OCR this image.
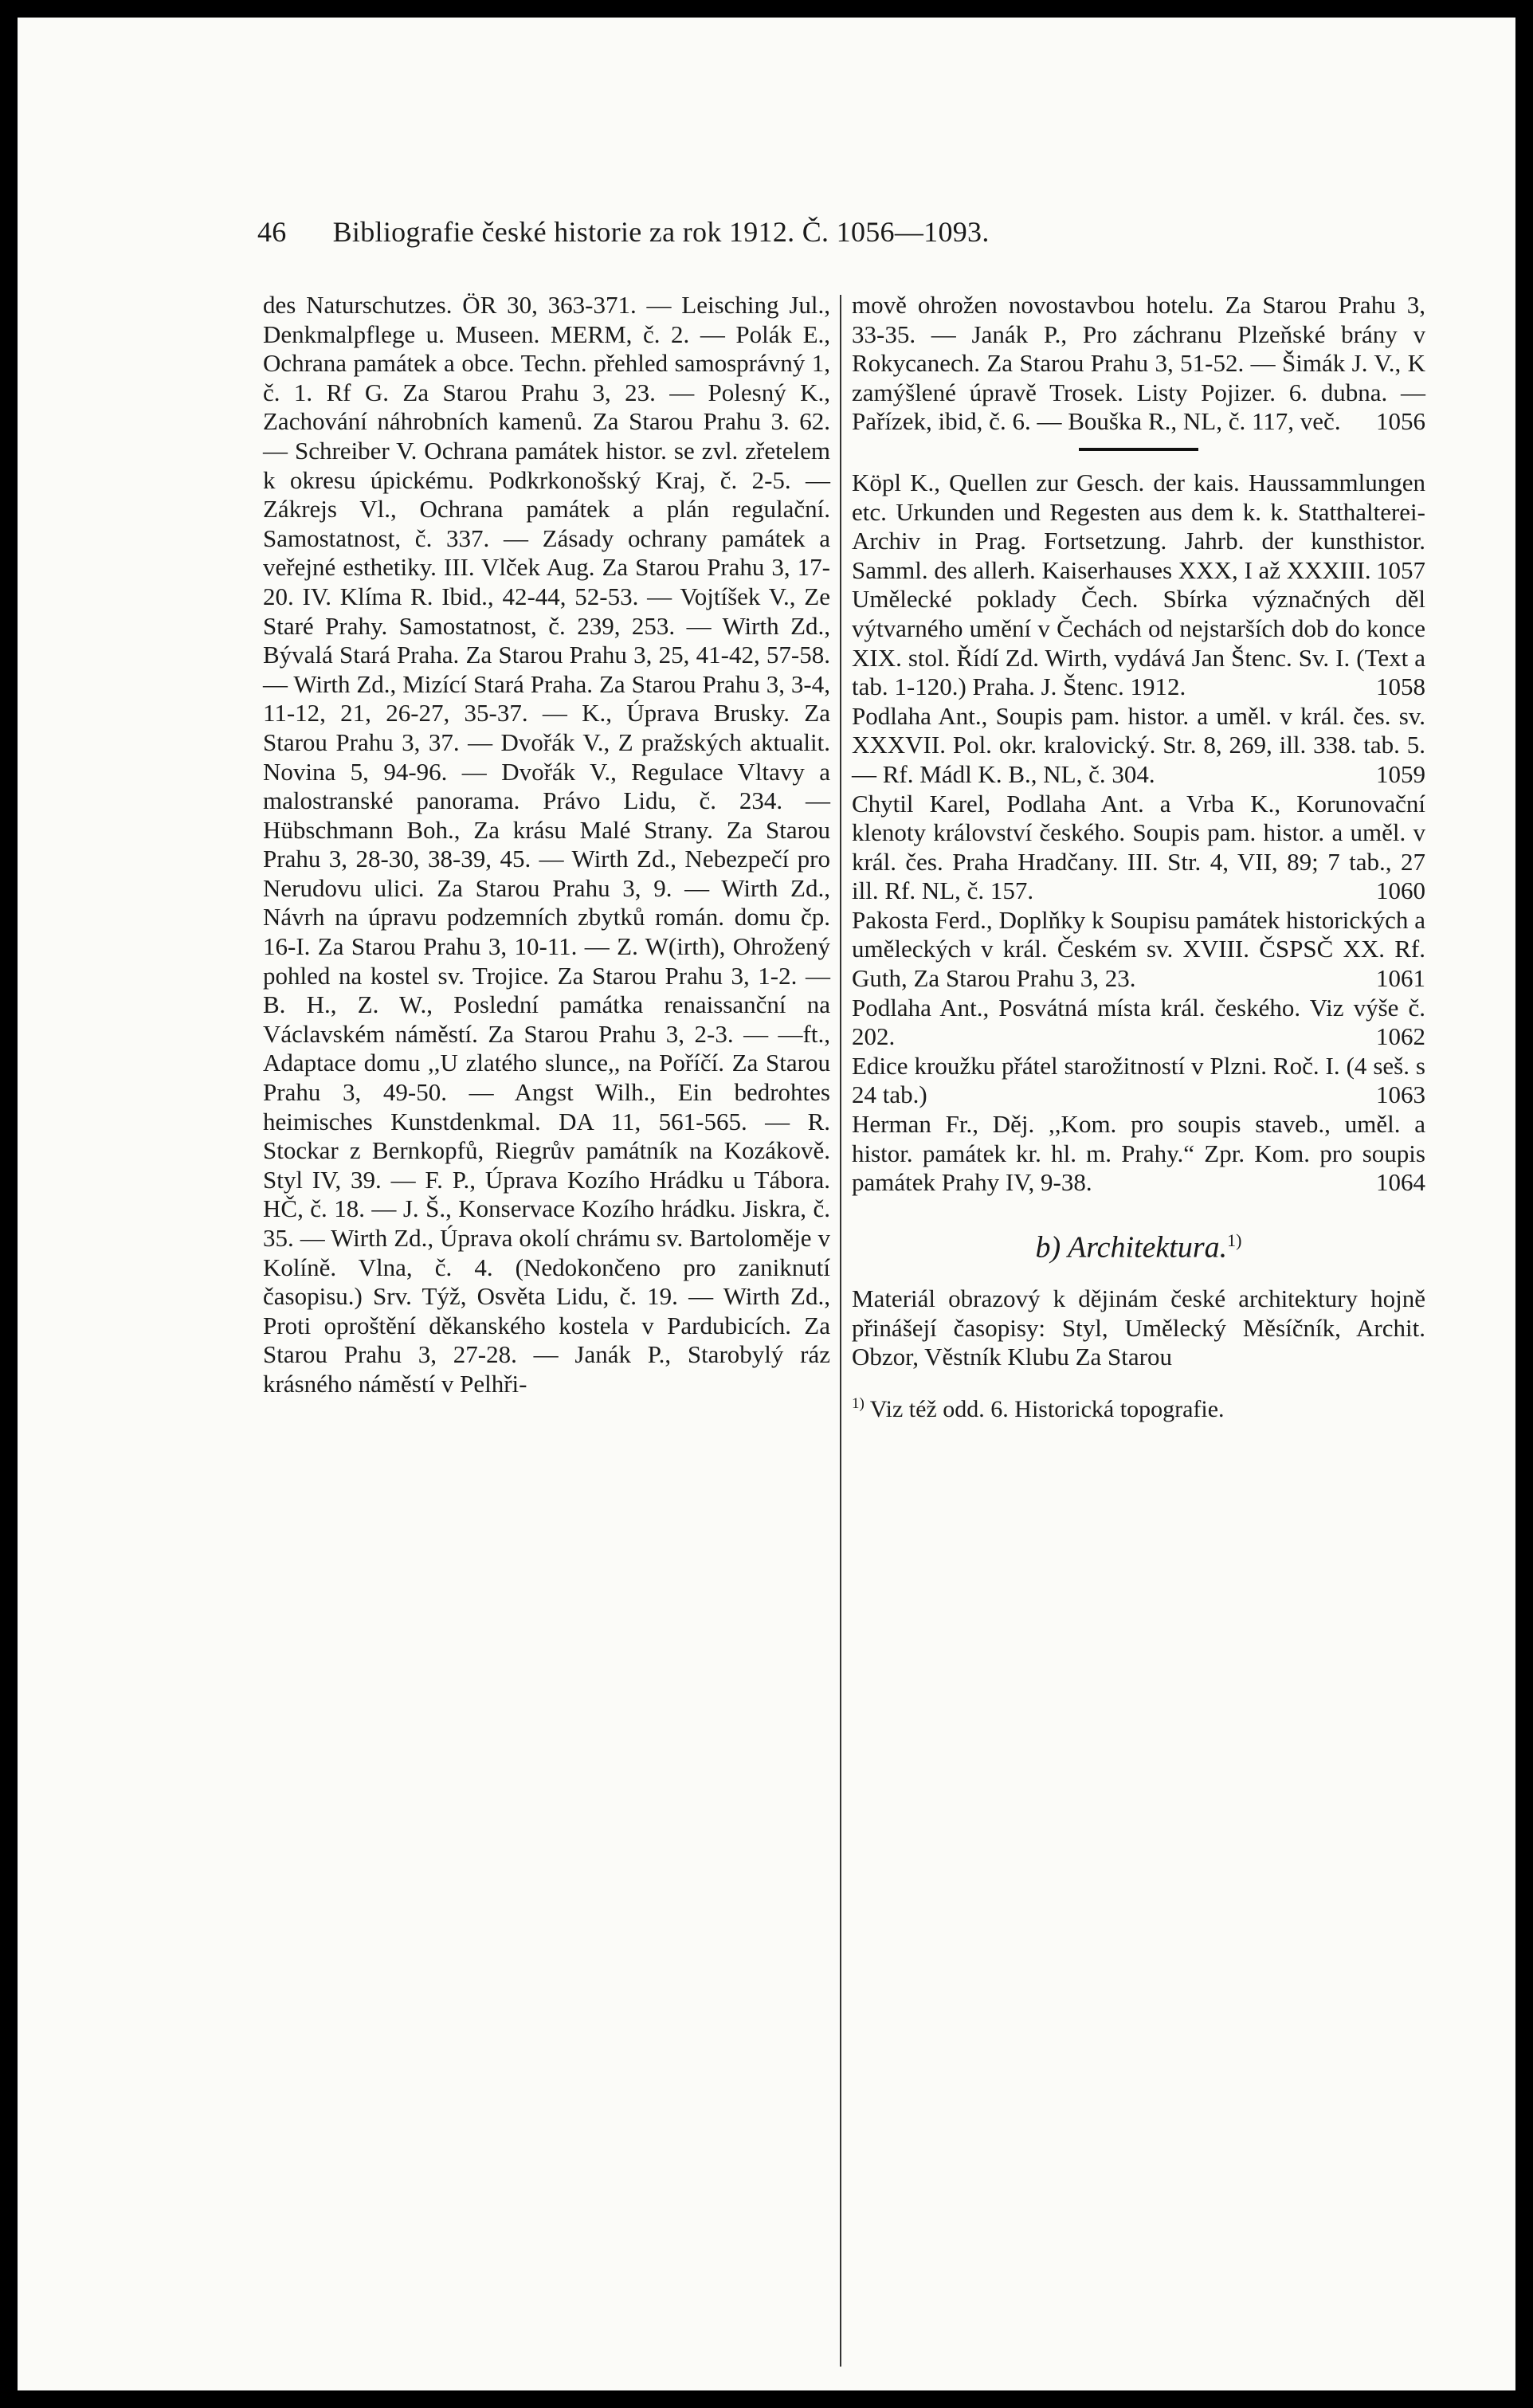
46 Bibliografie české historie za rok 1912. Č. 1056—1093.

des Naturschutzes. ÖR 30, 363-371. — Leisching Jul., Denkmalpflege u. Museen. MERM, č. 2. — Polák E., Ochrana památek a obce. Techn. přehled samosprávný 1, č. 1. Rf G. Za Starou Prahu 3, 23. — Polesný K., Zachování náhrobních kamenů. Za Starou Prahu 3. 62. — Schreiber V. Ochrana památek histor. se zvl. zřetelem k okresu úpickému. Podkrkonošský Kraj, č. 2-5. — Zákrejs Vl., Ochrana památek a plán regulační. Samostatnost, č. 337. — Zásady ochrany památek a veřejné esthetiky. III. Vlček Aug. Za Starou Prahu 3, 17-20. IV. Klíma R. Ibid., 42-44, 52-53. — Vojtíšek V., Ze Staré Prahy. Samostatnost, č. 239, 253. — Wirth Zd., Bývalá Stará Praha. Za Starou Prahu 3, 25, 41-42, 57-58. — Wirth Zd., Mizící Stará Praha. Za Starou Prahu 3, 3-4, 11-12, 21, 26-27, 35-37. — K., Úprava Brusky. Za Starou Prahu 3, 37. — Dvořák V., Z pražských aktualit. Novina 5, 94-96. — Dvořák V., Regulace Vltavy a malostranské panorama. Právo Lidu, č. 234. — Hübschmann Boh., Za krásu Malé Strany. Za Starou Prahu 3, 28-30, 38-39, 45. — Wirth Zd., Nebezpečí pro Nerudovu ulici. Za Starou Prahu 3, 9. — Wirth Zd., Návrh na úpravu podzemních zbytků román. domu čp. 16-I. Za Starou Prahu 3, 10-11. — Z. W(irth), Ohrožený pohled na kostel sv. Trojice. Za Starou Prahu 3, 1-2. — B. H., Z. W., Poslední památka renaissanční na Václavském náměstí. Za Starou Prahu 3, 2-3. — —ft., Adaptace domu ,,U zlatého slunce,, na Poříčí. Za Starou Prahu 3, 49-50. — Angst Wilh., Ein bedrohtes heimisches Kunstdenkmal. DA 11, 561-565. — R. Stockar z Bernkopfů, Riegrův památník na Kozákově. Styl IV, 39. — F. P., Úprava Kozího Hrádku u Tábora. HČ, č. 18. — J. Š., Konservace Kozího hrádku. Jiskra, č. 35. — Wirth Zd., Úprava okolí chrámu sv. Bartoloměje v Kolíně. Vlna, č. 4. (Nedokončeno pro zaniknutí časopisu.) Srv. Týž, Osvěta Lidu, č. 19. — Wirth Zd., Proti oproštění děkanského kostela v Pardubicích. Za Starou Prahu 3, 27-28. — Janák P., Starobylý ráz krásného náměstí v Pelhři-

mově ohrožen novostavbou hotelu. Za Starou Prahu 3, 33-35. — Janák P., Pro záchranu Plzeňské brány v Rokycanech. Za Starou Prahu 3, 51-52. — Šimák J. V., K zamýšlené úpravě Trosek. Listy Pojizer. 6. dubna. — Pařízek, ibid, č. 6. — Bouška R., NL, č. 117, več. 1056

Köpl K., Quellen zur Gesch. der kais. Haussammlungen etc. Urkunden und Regesten aus dem k. k. Statthalterei-Archiv in Prag. Fortsetzung. Jahrb. der kunsthistor. Samml. des allerh. Kaiserhauses XXX, I až XXXIII. 1057

Umělecké poklady Čech. Sbírka význačných děl výtvarného umění v Čechách od nejstarších dob do konce XIX. stol. Řídí Zd. Wirth, vydává Jan Štenc. Sv. I. (Text a tab. 1-120.) Praha. J. Štenc. 1912.	1058

Podlaha Ant., Soupis pam. histor. a uměl. v král. čes. sv. XXXVII. Pol. okr. kralovický. Str. 8, 269, ill. 338. tab. 5. — Rf. Mádl K. B., NL, č. 304.	1059

Chytil Karel, Podlaha Ant. a Vrba K., Korunovační klenoty království českého. Soupis pam. histor. a uměl. v král. čes. Praha Hradčany. III. Str. 4, VII, 89; 7 tab., 27 ill. Rf. NL, č. 157.	1060

Pakosta Ferd., Doplňky k Soupisu památek historických a uměleckých v král. Českém sv. XVIII. ČSPSČ XX. Rf. Guth, Za Starou Prahu 3, 23.	1061

Podlaha Ant., Posvátná místa král. českého. Viz výše č. 202.	1062

Edice kroužku přátel starožitností v Plzni. Roč. I. (4 seš. s 24 tab.)	1063

Herman Fr., Děj. ,,Kom. pro soupis staveb., uměl. a histor. památek kr. hl. m. Prahy.“ Zpr. Kom. pro soupis památek Prahy IV, 9-38.	1064

b) Architektura.$^{1)}$

Materiál obrazový k dějinám české architektury hojně přinášejí časopisy: Styl, Umělecký Měsíčník, Archit. Obzor, Věstník Klubu Za Starou

$^{1)}$ Viz též odd. 6. Historická topografie.
